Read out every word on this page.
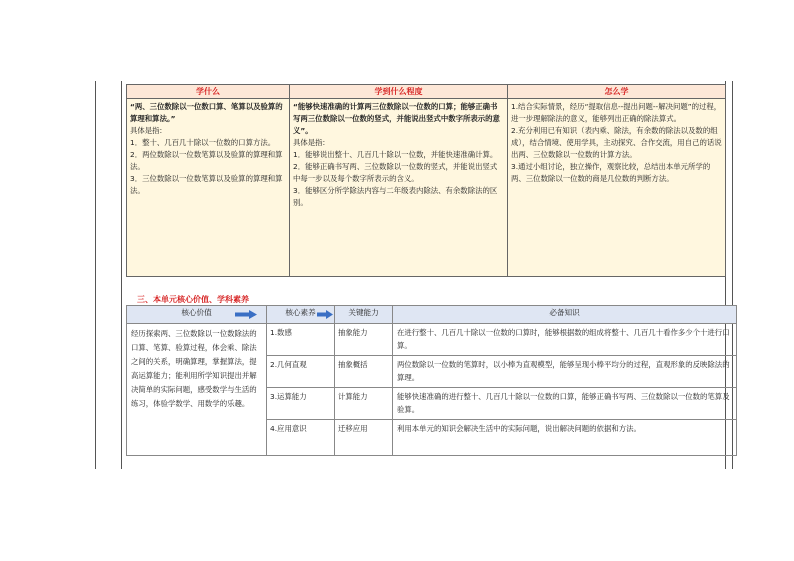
学什么	学到什么程度	怎么学

“两、三位数除以一位数口算、笔算以及验算的算理和算法。”
具体是指:
1．整十、几百几十除以一位数的口算方法。
2．两位数除以一位数笔算以及验算的算理和算法。
3．三位数除以一位数笔算以及验算的算理和算法。	“能够快速准确的计算两三位数除以一位数的口算；能够正确书写两三位数除以一位数的竖式，并能说出竖式中数字所表示的意义”。
具体是指:
1．能够说出整十、几百几十除以一位数，并能快速准确计算。
2．能够正确书写两、三位数除以一位数的竖式，并能说出竖式中每一步以及每个数字所表示的含义。
3．能够区分所学除法内容与二年级表内除法、有余数除法的区别。	1.结合实际情景，经历“提取信息--提出问题--解决问题”的过程，进一步理解除法的意义，能够列出正确的除法算式。
2.充分利用已有知识（表内乘、除法，有余数的除法以及数的组成），结合情境、使用学具，主动探究、合作交流，用自己的话说出两、三位数除以一位数的计算方法。
3.通过小组讨论，独立操作，观察比较，总结出本单元所学的两、三位数除以一位数的商是几位数的判断方法。
三、本单元核心价值、学科素养
核心价值	核心素养	关键能力	必备知识
经历探索两、三位数除以一位数除法的口算、笔算、验算过程，体会乘、除法之间的关系，明确算理，掌握算法，提高运算能力；能利用所学知识提出并解决简单的实际问题，感受数学与生活的练习，体验学数学、用数学的乐趣。	1.数感	抽象能力	在进行整十、几百几十除以一位数的口算时，能够根据数的组成将整十、几百几十看作多少个十进行口算。
	2.几何直观	抽象概括	两位数除以一位数的笔算时，以小棒为直观模型，能够呈现小棒平均分的过程，直观形象的反映除法的算理。
	3.运算能力	计算能力	能够快速准确的进行整十、几百几十除以一位数的口算，能够正确书写两、三位数除以一位数的笔算及验算。
	4.应用意识	迁移应用	利用本单元的知识会解决生活中的实际问题，说出解决问题的依据和方法。
